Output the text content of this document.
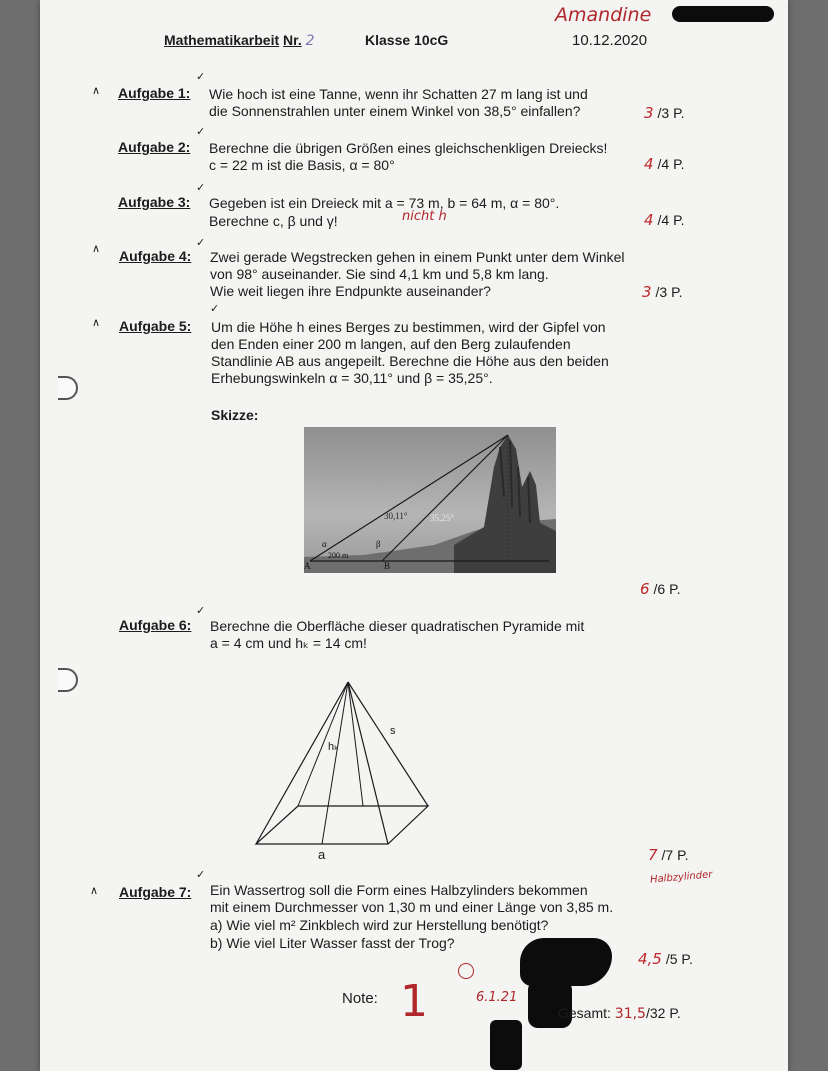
Mathematikarbeit Nr. 2	Klasse 10cG	10.12.2020
Amandine
∧
✓
Aufgabe 1: Wie hoch ist eine Tanne, wenn ihr Schatten 27 m lang ist und
die Sonnenstrahlen unter einem Winkel von 38,5° einfallen?	3 /3 P.
✓
Aufgabe 2: Berechne die übrigen Größen eines gleichschenkligen Dreiecks!
c = 22 m ist die Basis, α = 80°	4 /4 P.
✓
Aufgabe 3: Gegeben ist ein Dreieck mit a = 73 m, b = 64 m, α = 80°.
Berechne c, β und γ!	nicht h	4 /4 P.
∧	✓
Aufgabe 4: Zwei gerade Wegstrecken gehen in einem Punkt unter dem Winkel
von 98° auseinander. Sie sind 4,1 km und 5,8 km lang.
Wie weit liegen ihre Endpunkte auseinander?	3 /3 P.
∧
✓
Aufgabe 5: Um die Höhe h eines Berges zu bestimmen, wird der Gipfel von
den Enden einer 200 m langen, auf den Berg zulaufenden
Standlinie AB aus angepeilt. Berechne die Höhe aus den beiden
Erhebungswinkeln α = 30,11° und β = 35,25°.
Skizze:
30,11° 35,25°
α	β
A
200 m
B
6 /6 P.
✓
Aufgabe 6: Berechne die Oberfläche dieser quadratischen Pyramide mit
a = 4 cm und hₖ = 14 cm!
s
hₖ
a	7 /7 P.
∧
✓
Aufgabe 7: Ein Wassertrog soll die Form eines Halbzylinders bekommen
mit einem Durchmesser von 1,30 m und einer Länge von 3,85 m.
a) Wie viel m² Zinkblech wird zur Herstellung benötigt?
b) Wie viel Liter Wasser fasst der Trog?
Halbzylinder
4,5 /5 P.
Note: 1	6.1.21
Gesamt: 31,5/32 P.
